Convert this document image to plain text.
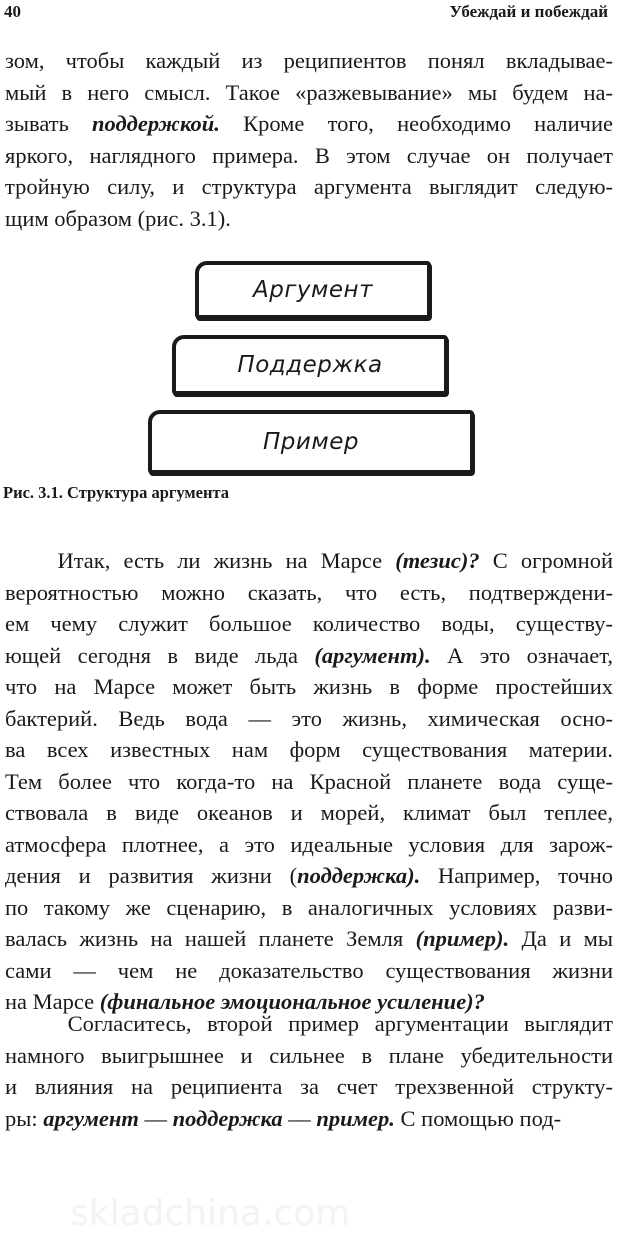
40	Убеждай и побеждай

зом, чтобы каждый из реципиентов понял вкладывае-
мый в него смысл. Такое «разжевывание» мы будем на-
зывать поддержкой. Кроме того, необходимо наличие
яркого, наглядного примера. В этом случае он получает
тройную силу, и структура аргумента выглядит следую-
щим образом (рис. 3.1).

Аргумент
Поддержка
Пример
Рис. 3.1. Структура аргумента

Итак, есть ли жизнь на Марсе (тезис)? С огромной
вероятностью можно сказать, что есть, подтверждени-
ем чему служит большое количество воды, существу-
ющей сегодня в виде льда (аргумент). А это означает,
что на Марсе может быть жизнь в форме простейших
бактерий. Ведь вода — это жизнь, химическая осно-
ва всех известных нам форм существования материи.
Тем более что когда-то на Красной планете вода суще-
ствовала в виде океанов и морей, климат был теплее,
атмосфера плотнее, а это идеальные условия для зарож-
дения и развития жизни (поддержка). Например, точно
по такому же сценарию, в аналогичных условиях разви-
валась жизнь на нашей планете Земля (пример). Да и мы
сами — чем не доказательство существования жизни
на Марсе (финальное эмоциональное усиление)?

Согласитесь, второй пример аргументации выглядит
намного выигрышнее и сильнее в плане убедительности
и влияния на реципиента за счет трехзвенной структу-
ры: аргумент — поддержка — пример. С помощью под-

skladchina.com
